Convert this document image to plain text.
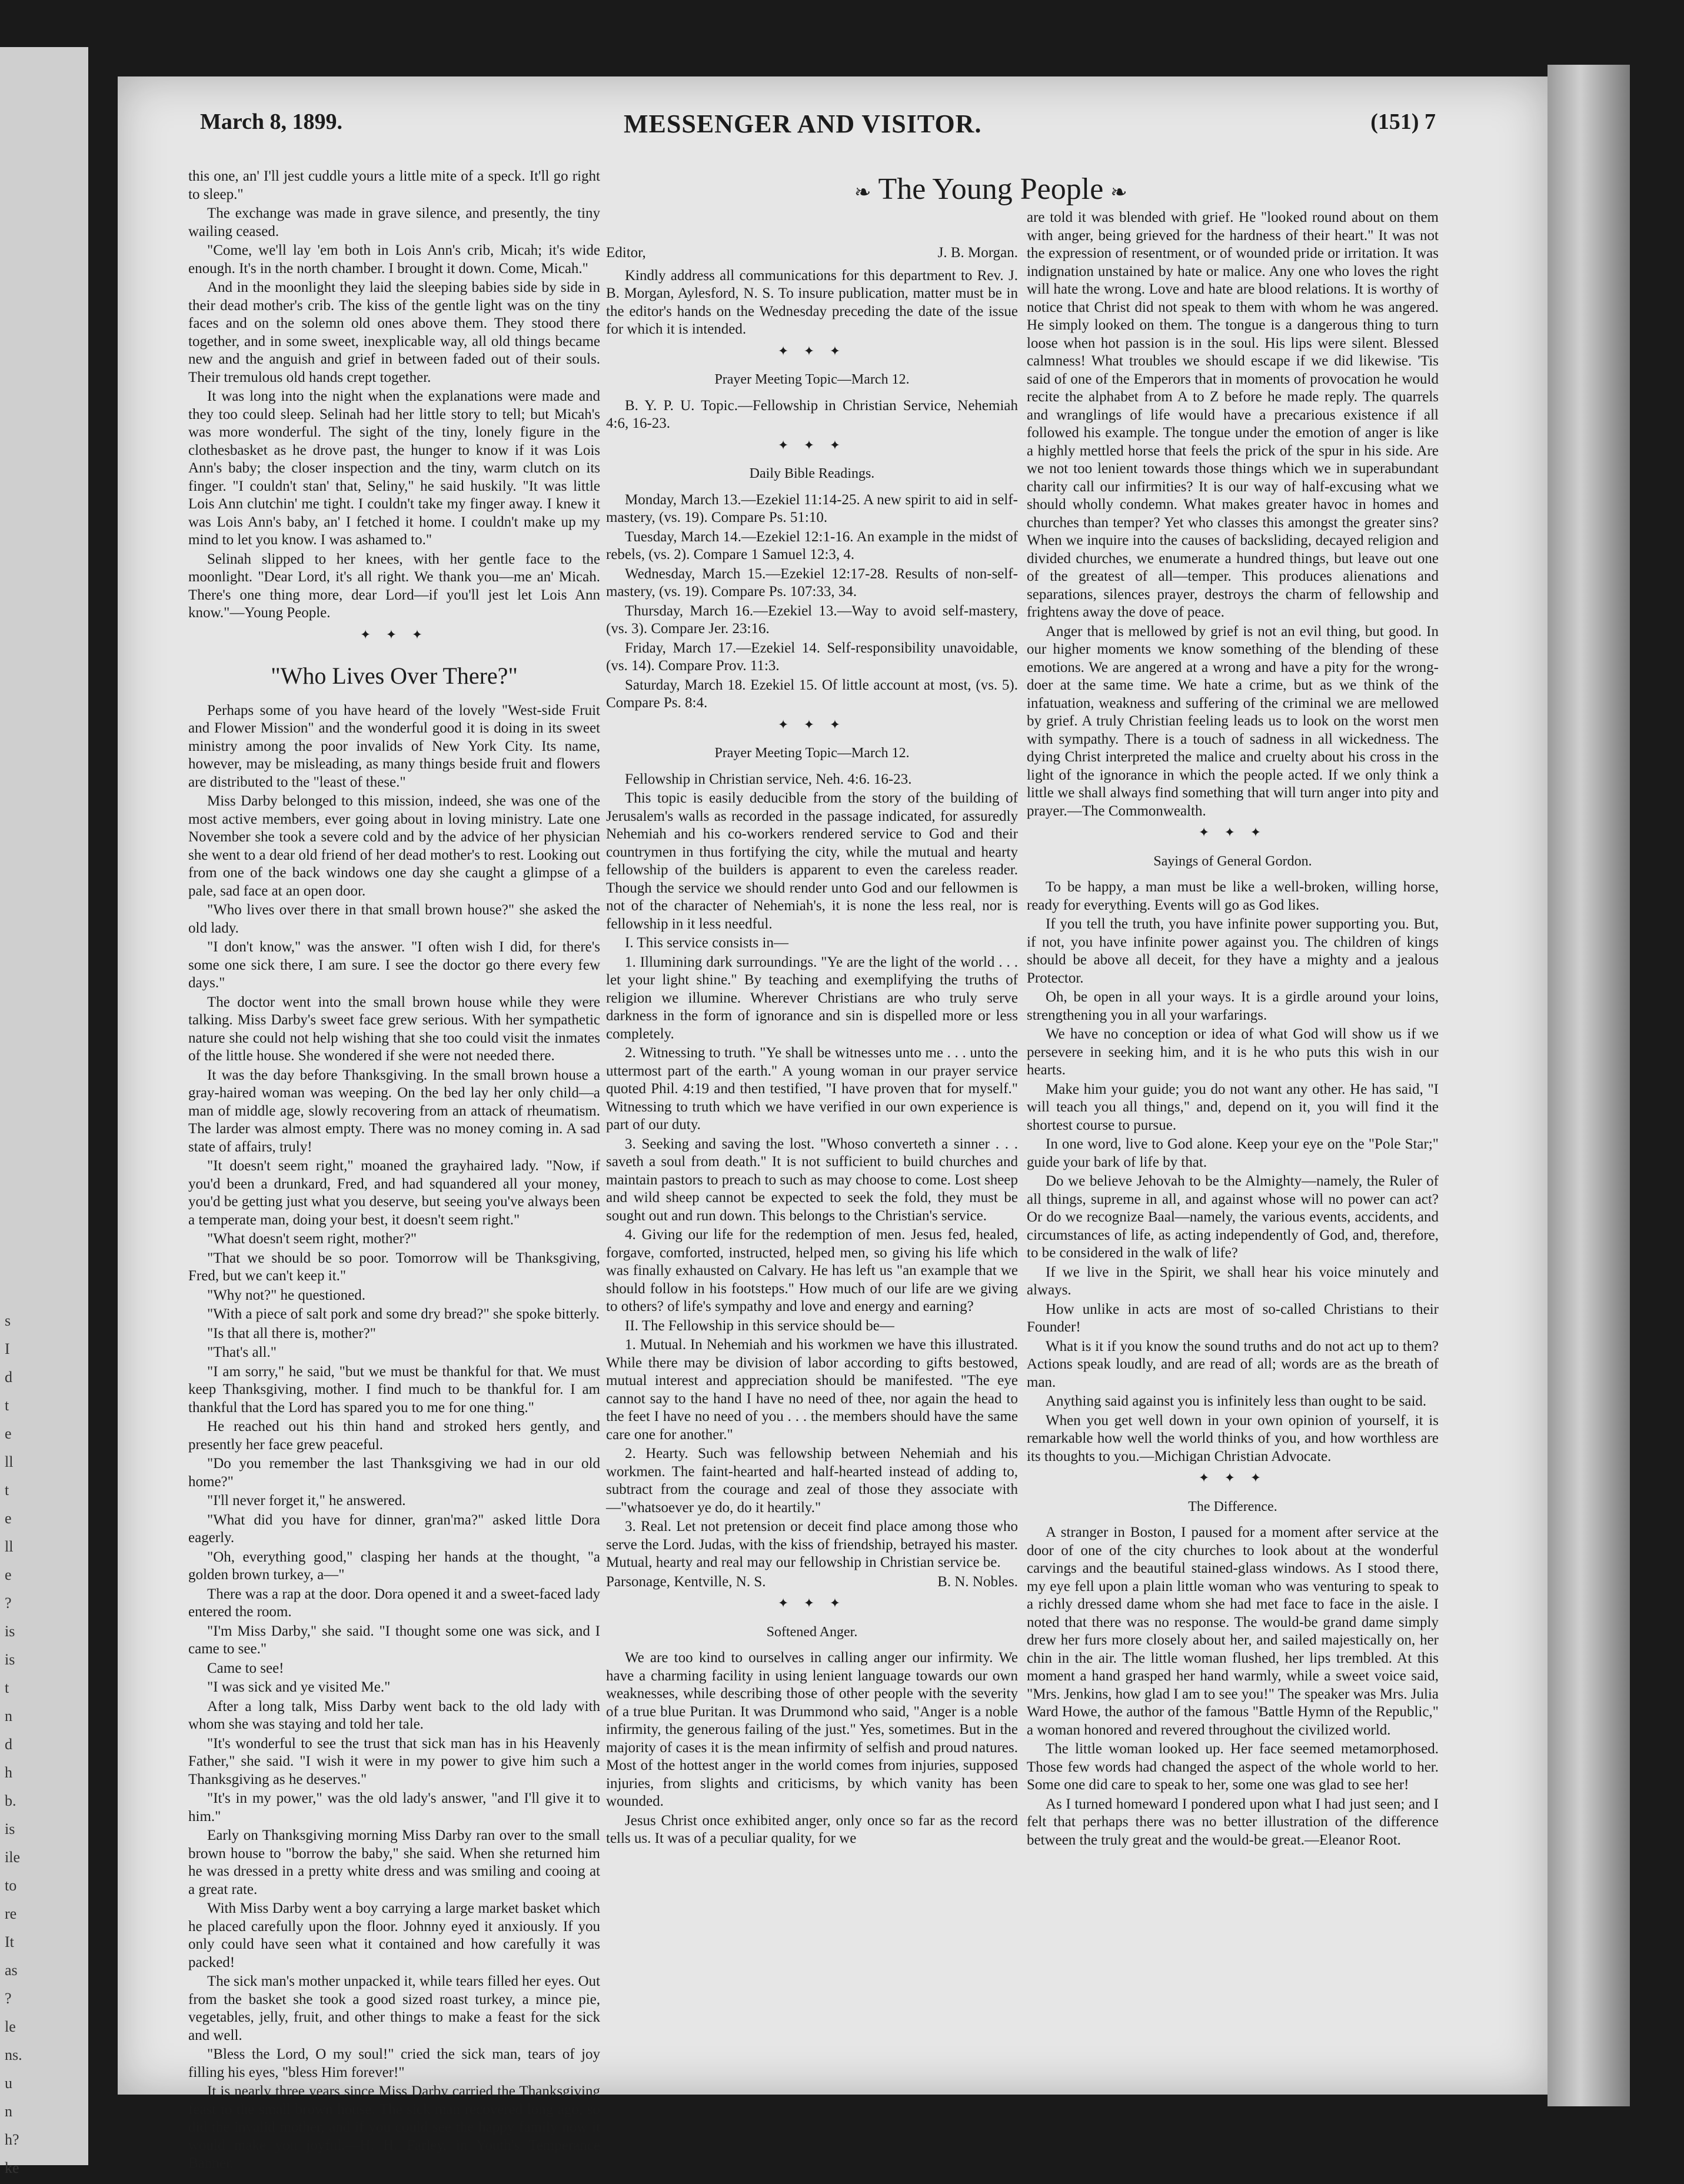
s
I
d
t
e
ll
t
e
ll
e
?
is
is
t
n
d
h
b.
is
ile
to
re
It
as
?
le
ns.
u
n
h?
ke
March 8, 1899.	MESSENGER AND VISITOR.	(151) 7
❧ The Young People ❧

this one, an' I'll jest cuddle yours a little mite of a speck. It'll go right to sleep."

The exchange was made in grave silence, and presently, the tiny wailing ceased.

"Come, we'll lay 'em both in Lois Ann's crib, Micah; it's wide enough. It's in the north chamber. I brought it down. Come, Micah."

And in the moonlight they laid the sleeping babies side by side in their dead mother's crib. The kiss of the gentle light was on the tiny faces and on the solemn old ones above them. They stood there together, and in some sweet, inexplicable way, all old things became new and the anguish and grief in between faded out of their souls. Their tremulous old hands crept together.

It was long into the night when the explanations were made and they too could sleep. Selinah had her little story to tell; but Micah's was more wonderful. The sight of the tiny, lonely figure in the clothesbasket as he drove past, the hunger to know if it was Lois Ann's baby; the closer inspection and the tiny, warm clutch on its finger. "I couldn't stan' that, Seliny," he said huskily. "It was little Lois Ann clutchin' me tight. I couldn't take my finger away. I knew it was Lois Ann's baby, an' I fetched it home. I couldn't make up my mind to let you know. I was ashamed to."

Selinah slipped to her knees, with her gentle face to the moonlight. "Dear Lord, it's all right. We thank you—me an' Micah. There's one thing more, dear Lord—if you'll jest let Lois Ann know."—Young People.

✦ ✦ ✦
"Who Lives Over There?"

Perhaps some of you have heard of the lovely "West-side Fruit and Flower Mission" and the wonderful good it is doing in its sweet ministry among the poor invalids of New York City. Its name, however, may be misleading, as many things beside fruit and flowers are distributed to the "least of these."

Miss Darby belonged to this mission, indeed, she was one of the most active members, ever going about in loving ministry. Late one November she took a severe cold and by the advice of her physician she went to a dear old friend of her dead mother's to rest. Looking out from one of the back windows one day she caught a glimpse of a pale, sad face at an open door.

"Who lives over there in that small brown house?" she asked the old lady.

"I don't know," was the answer. "I often wish I did, for there's some one sick there, I am sure. I see the doctor go there every few days."

The doctor went into the small brown house while they were talking. Miss Darby's sweet face grew serious. With her sympathetic nature she could not help wishing that she too could visit the inmates of the little house. She wondered if she were not needed there.

It was the day before Thanksgiving. In the small brown house a gray-haired woman was weeping. On the bed lay her only child—a man of middle age, slowly recovering from an attack of rheumatism. The larder was almost empty. There was no money coming in. A sad state of affairs, truly!

"It doesn't seem right," moaned the grayhaired lady. "Now, if you'd been a drunkard, Fred, and had squandered all your money, you'd be getting just what you deserve, but seeing you've always been a temperate man, doing your best, it doesn't seem right."

"What doesn't seem right, mother?"

"That we should be so poor. Tomorrow will be Thanksgiving, Fred, but we can't keep it."

"Why not?" he questioned.

"With a piece of salt pork and some dry bread?" she spoke bitterly.

"Is that all there is, mother?"

"That's all."

"I am sorry," he said, "but we must be thankful for that. We must keep Thanksgiving, mother. I find much to be thankful for. I am thankful that the Lord has spared you to me for one thing."

He reached out his thin hand and stroked hers gently, and presently her face grew peaceful.

"Do you remember the last Thanksgiving we had in our old home?"

"I'll never forget it," he answered.

"What did you have for dinner, gran'ma?" asked little Dora eagerly.

"Oh, everything good," clasping her hands at the thought, "a golden brown turkey, a—"

There was a rap at the door. Dora opened it and a sweet-faced lady entered the room.

"I'm Miss Darby," she said. "I thought some one was sick, and I came to see."

Came to see!

"I was sick and ye visited Me."

After a long talk, Miss Darby went back to the old lady with whom she was staying and told her tale.

"It's wonderful to see the trust that sick man has in his Heavenly Father," she said. "I wish it were in my power to give him such a Thanksgiving as he deserves."

"It's in my power," was the old lady's answer, "and I'll give it to him."

Early on Thanksgiving morning Miss Darby ran over to the small brown house to "borrow the baby," she said. When she returned him he was dressed in a pretty white dress and was smiling and cooing at a great rate.

With Miss Darby went a boy carrying a large market basket which he placed carefully upon the floor. Johnny eyed it anxiously. If you only could have seen what it contained and how carefully it was packed!

The sick man's mother unpacked it, while tears filled her eyes. Out from the basket she took a good sized roast turkey, a mince pie, vegetables, jelly, fruit, and other things to make a feast for the sick and well.

"Bless the Lord, O my soul!" cried the sick man, tears of joy filling his eyes, "bless Him forever!"

It is nearly three years since Miss Darby carried the Thanksgiving feast to the small brown house. The sick man recovered long ago, so did the invalid mother, and if you could see the happy family now it would make you joyful.—H. H. Farley, in Youth's Temperance Banner.

Editor,	J. B. Morgan.

Kindly address all communications for this department to Rev. J. B. Morgan, Aylesford, N. S. To insure publication, matter must be in the editor's hands on the Wednesday preceding the date of the issue for which it is intended.

✦ ✦ ✦
Prayer Meeting Topic—March 12.

B. Y. P. U. Topic.—Fellowship in Christian Service, Nehemiah 4:6, 16-23.

✦ ✦ ✦
Daily Bible Readings.

Monday, March 13.—Ezekiel 11:14-25. A new spirit to aid in self-mastery, (vs. 19). Compare Ps. 51:10.

Tuesday, March 14.—Ezekiel 12:1-16. An example in the midst of rebels, (vs. 2). Compare 1 Samuel 12:3, 4.

Wednesday, March 15.—Ezekiel 12:17-28. Results of non-self-mastery, (vs. 19). Compare Ps. 107:33, 34.

Thursday, March 16.—Ezekiel 13.—Way to avoid self-mastery, (vs. 3). Compare Jer. 23:16.

Friday, March 17.—Ezekiel 14. Self-responsibility unavoidable, (vs. 14). Compare Prov. 11:3.

Saturday, March 18. Ezekiel 15. Of little account at most, (vs. 5). Compare Ps. 8:4.

✦ ✦ ✦
Prayer Meeting Topic—March 12.

Fellowship in Christian service, Neh. 4:6. 16-23.

This topic is easily deducible from the story of the building of Jerusalem's walls as recorded in the passage indicated, for assuredly Nehemiah and his co-workers rendered service to God and their countrymen in thus fortifying the city, while the mutual and hearty fellowship of the builders is apparent to even the careless reader. Though the service we should render unto God and our fellowmen is not of the character of Nehemiah's, it is none the less real, nor is fellowship in it less needful.

I. This service consists in—

1. Illumining dark surroundings. "Ye are the light of the world . . . let your light shine." By teaching and exemplifying the truths of religion we illumine. Wherever Christians are who truly serve darkness in the form of ignorance and sin is dispelled more or less completely.

2. Witnessing to truth. "Ye shall be witnesses unto me . . . unto the uttermost part of the earth." A young woman in our prayer service quoted Phil. 4:19 and then testified, "I have proven that for myself." Witnessing to truth which we have verified in our own experience is part of our duty.

3. Seeking and saving the lost. "Whoso converteth a sinner . . . saveth a soul from death." It is not sufficient to build churches and maintain pastors to preach to such as may choose to come. Lost sheep and wild sheep cannot be expected to seek the fold, they must be sought out and run down. This belongs to the Christian's service.

4. Giving our life for the redemption of men. Jesus fed, healed, forgave, comforted, instructed, helped men, so giving his life which was finally exhausted on Calvary. He has left us "an example that we should follow in his footsteps." How much of our life are we giving to others? of life's sympathy and love and energy and earning?

II. The Fellowship in this service should be—

1. Mutual. In Nehemiah and his workmen we have this illustrated. While there may be division of labor according to gifts bestowed, mutual interest and appreciation should be manifested. "The eye cannot say to the hand I have no need of thee, nor again the head to the feet I have no need of you . . . the members should have the same care one for another."

2. Hearty. Such was fellowship between Nehemiah and his workmen. The faint-hearted and half-hearted instead of adding to, subtract from the courage and zeal of those they associate with—"whatsoever ye do, do it heartily."

3. Real. Let not pretension or deceit find place among those who serve the Lord. Judas, with the kiss of friendship, betrayed his master. Mutual, hearty and real may our fellowship in Christian service be.

Parsonage, Kentville, N. S.	B. N. Nobles.
✦ ✦ ✦
Softened Anger.

We are too kind to ourselves in calling anger our infirmity. We have a charming facility in using lenient language towards our own weaknesses, while describing those of other people with the severity of a true blue Puritan. It was Drummond who said, "Anger is a noble infirmity, the generous failing of the just." Yes, sometimes. But in the majority of cases it is the mean infirmity of selfish and proud natures. Most of the hottest anger in the world comes from injuries, supposed injuries, from slights and criticisms, by which vanity has been wounded.

Jesus Christ once exhibited anger, only once so far as the record tells us. It was of a peculiar quality, for we

are told it was blended with grief. He "looked round about on them with anger, being grieved for the hardness of their heart." It was not the expression of resentment, or of wounded pride or irritation. It was indignation unstained by hate or malice. Any one who loves the right will hate the wrong. Love and hate are blood relations. It is worthy of notice that Christ did not speak to them with whom he was angered. He simply looked on them. The tongue is a dangerous thing to turn loose when hot passion is in the soul. His lips were silent. Blessed calmness! What troubles we should escape if we did likewise. 'Tis said of one of the Emperors that in moments of provocation he would recite the alphabet from A to Z before he made reply. The quarrels and wranglings of life would have a precarious existence if all followed his example. The tongue under the emotion of anger is like a highly mettled horse that feels the prick of the spur in his side. Are we not too lenient towards those things which we in superabundant charity call our infirmities? It is our way of half-excusing what we should wholly condemn. What makes greater havoc in homes and churches than temper? Yet who classes this amongst the greater sins? When we inquire into the causes of backsliding, decayed religion and divided churches, we enumerate a hundred things, but leave out one of the greatest of all—temper. This produces alienations and separations, silences prayer, destroys the charm of fellowship and frightens away the dove of peace.

Anger that is mellowed by grief is not an evil thing, but good. In our higher moments we know something of the blending of these emotions. We are angered at a wrong and have a pity for the wrong-doer at the same time. We hate a crime, but as we think of the infatuation, weakness and suffering of the criminal we are mellowed by grief. A truly Christian feeling leads us to look on the worst men with sympathy. There is a touch of sadness in all wickedness. The dying Christ interpreted the malice and cruelty about his cross in the light of the ignorance in which the people acted. If we only think a little we shall always find something that will turn anger into pity and prayer.—The Commonwealth.

✦ ✦ ✦
Sayings of General Gordon.

To be happy, a man must be like a well-broken, willing horse, ready for everything. Events will go as God likes.

If you tell the truth, you have infinite power supporting you. But, if not, you have infinite power against you. The children of kings should be above all deceit, for they have a mighty and a jealous Protector.

Oh, be open in all your ways. It is a girdle around your loins, strengthening you in all your warfarings.

We have no conception or idea of what God will show us if we persevere in seeking him, and it is he who puts this wish in our hearts.

Make him your guide; you do not want any other. He has said, "I will teach you all things," and, depend on it, you will find it the shortest course to pursue.

In one word, live to God alone. Keep your eye on the "Pole Star;" guide your bark of life by that.

Do we believe Jehovah to be the Almighty—namely, the Ruler of all things, supreme in all, and against whose will no power can act? Or do we recognize Baal—namely, the various events, accidents, and circumstances of life, as acting independently of God, and, therefore, to be considered in the walk of life?

If we live in the Spirit, we shall hear his voice minutely and always.

How unlike in acts are most of so-called Christians to their Founder!

What is it if you know the sound truths and do not act up to them? Actions speak loudly, and are read of all; words are as the breath of man.

Anything said against you is infinitely less than ought to be said.

When you get well down in your own opinion of yourself, it is remarkable how well the world thinks of you, and how worthless are its thoughts to you.—Michigan Christian Advocate.

✦ ✦ ✦
The Difference.

A stranger in Boston, I paused for a moment after service at the door of one of the city churches to look about at the wonderful carvings and the beautiful stained-glass windows. As I stood there, my eye fell upon a plain little woman who was venturing to speak to a richly dressed dame whom she had met face to face in the aisle. I noted that there was no response. The would-be grand dame simply drew her furs more closely about her, and sailed majestically on, her chin in the air. The little woman flushed, her lips trembled. At this moment a hand grasped her hand warmly, while a sweet voice said, "Mrs. Jenkins, how glad I am to see you!" The speaker was Mrs. Julia Ward Howe, the author of the famous "Battle Hymn of the Republic," a woman honored and revered throughout the civilized world.

The little woman looked up. Her face seemed metamorphosed. Those few words had changed the aspect of the whole world to her. Some one did care to speak to her, some one was glad to see her!

As I turned homeward I pondered upon what I had just seen; and I felt that perhaps there was no better illustration of the difference between the truly great and the would-be great.—Eleanor Root.
